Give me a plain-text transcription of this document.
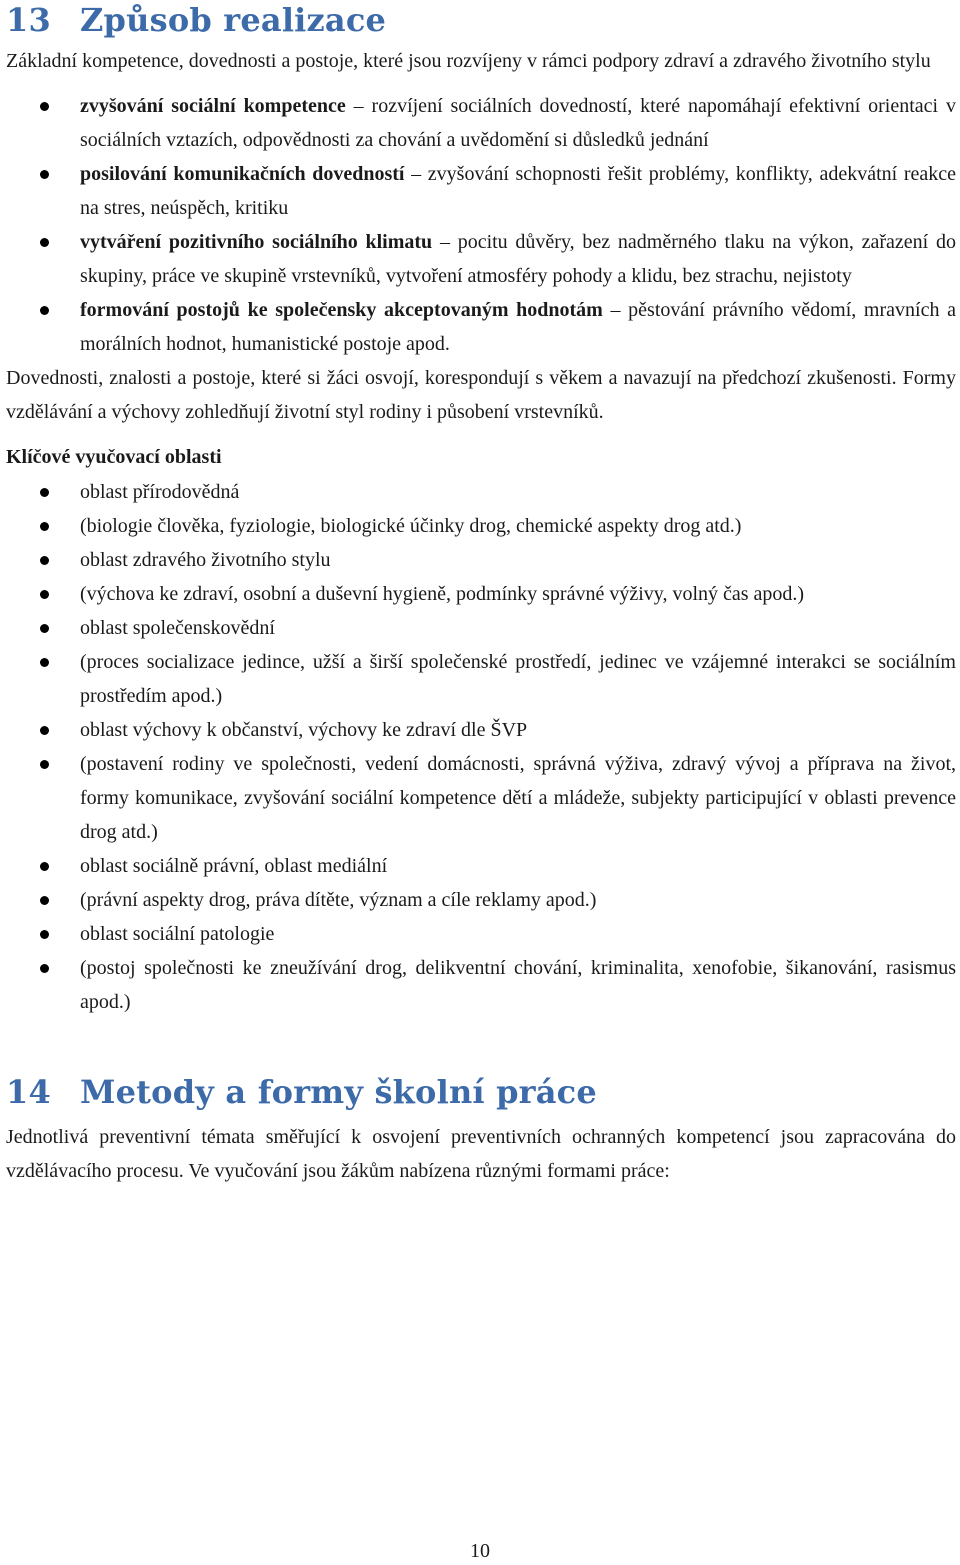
13 Způsob realizace

Základní kompetence, dovednosti a postoje, které jsou rozvíjeny v rámci podpory zdraví a zdravého životního stylu

zvyšování sociální kompetence – rozvíjení sociálních dovedností, které napomáhají efektivní orientaci v sociálních vztazích, odpovědnosti za chování a uvědomění si důsledků jednání
posilování komunikačních dovedností – zvyšování schopnosti řešit problémy, konflikty, adekvátní reakce na stres, neúspěch, kritiku
vytváření pozitivního sociálního klimatu – pocitu důvěry, bez nadměrného tlaku na výkon, zařazení do skupiny, práce ve skupině vrstevníků, vytvoření atmosféry pohody a klidu, bez strachu, nejistoty
formování postojů ke společensky akceptovaným hodnotám – pěstování právního vědomí, mravních a morálních hodnot, humanistické postoje apod.

Dovednosti, znalosti a postoje, které si žáci osvojí, korespondují s věkem a navazují na předchozí zkušenosti. Formy vzdělávání a výchovy zohledňují životní styl rodiny i působení vrstevníků.

Klíčové vyučovací oblasti

oblast přírodovědná
(biologie člověka, fyziologie, biologické účinky drog, chemické aspekty drog atd.)
oblast zdravého životního stylu
(výchova ke zdraví, osobní a duševní hygieně, podmínky správné výživy, volný čas apod.)
oblast společenskovědní
(proces socializace jedince, užší a širší společenské prostředí, jedinec ve vzájemné interakci se sociálním prostředím apod.)
oblast výchovy k občanství, výchovy ke zdraví dle ŠVP
(postavení rodiny ve společnosti, vedení domácnosti, správná výživa, zdravý vývoj a příprava na život, formy komunikace, zvyšování sociální kompetence dětí a mládeže, subjekty participující v oblasti prevence drog atd.)
oblast sociálně právní, oblast mediální
(právní aspekty drog, práva dítěte, význam a cíle reklamy apod.)
oblast sociální patologie
(postoj společnosti ke zneužívání drog, delikventní chování, kriminalita, xenofobie, šikanování, rasismus apod.)
14 Metody a formy školní práce

Jednotlivá preventivní témata směřující k osvojení preventivních ochranných kompetencí jsou zapracována do vzdělávacího procesu. Ve vyučování jsou žákům nabízena různými formami práce:

10
